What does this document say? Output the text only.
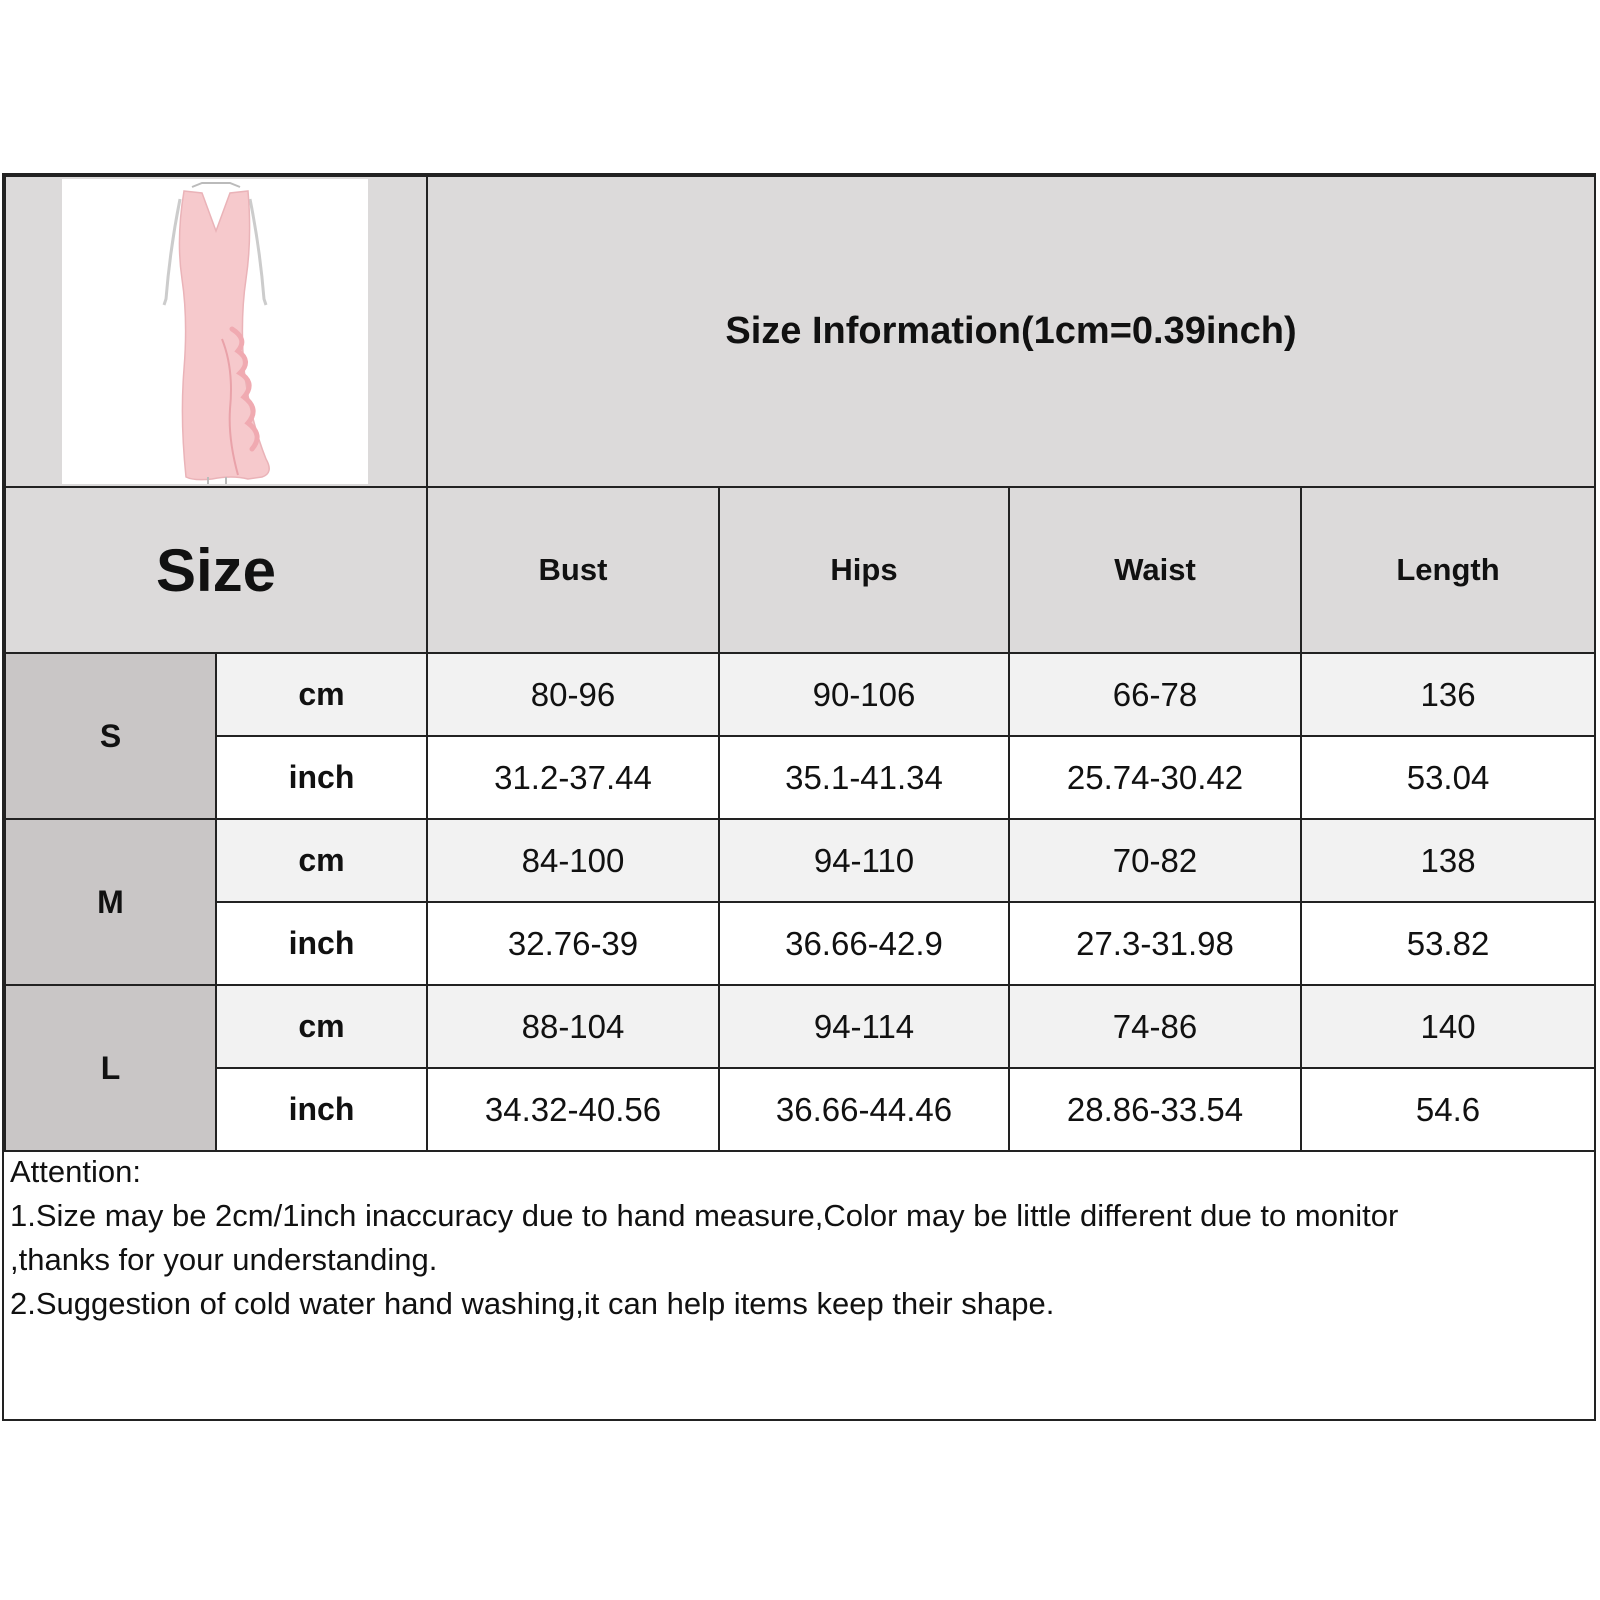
	Size Information(1cm=0.39inch)			
Size		Bust	Hips	Waist	Length
S	cm	80-96	90-106	66-78	136
	inch	31.2-37.44	35.1-41.34	25.74-30.42	53.04
M	cm	84-100	94-110	70-82	138
	inch	32.76-39	36.66-42.9	27.3-31.98	53.82
L	cm	88-104	94-114	74-86	140
	inch	34.32-40.56	36.66-44.46	28.86-33.54	54.6
Attention:
1.Size may be 2cm/1inch inaccuracy due to hand measure,Color may be little different due to monitor
,thanks for your understanding.
2.Suggestion of cold water hand washing,it can help items keep their shape.
